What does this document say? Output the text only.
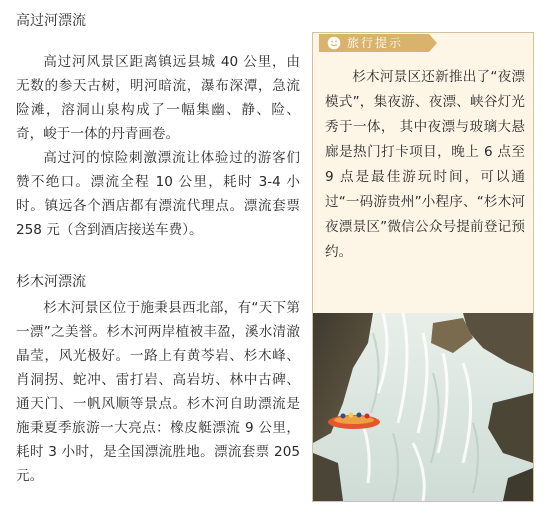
高过河漂流

高过河风景区距离镇远县城 40 公里，由无数的参天古树，明河暗流，瀑布深潭，急流险滩，溶洞山泉构成了一幅集幽、静、险、奇，峻于一体的丹青画卷。

高过河的惊险刺激漂流让体验过的游客们赞不绝口。漂流全程 10 公里，耗时 3-4 小时。镇远各个酒店都有漂流代理点。漂流套票 258 元（含到酒店接送车费）。

杉木河漂流

杉木河景区位于施秉县西北部，有“天下第一漂”之美誉。杉木河两岸植被丰盈，溪水清澈晶莹，风光极好。一路上有黄芩岩、杉木峰、肖洞拐、蛇冲、雷打岩、高岩坊、林中古碑、通天门、一帆风顺等景点。杉木河自助漂流是施秉夏季旅游一大亮点：橡皮艇漂流 9 公里，耗时 3 小时，是全国漂流胜地。漂流套票 205 元。

旅行提示

杉木河景区还新推出了“夜漂模式”，集夜游、夜漂、峡谷灯光秀于一体， 其中夜漂与玻璃大悬廊是热门打卡项目，晚上 6 点至 9 点是最佳游玩时间，可以通过“一码游贵州”小程序、“杉木河夜漂景区”微信公众号提前登记预约。
